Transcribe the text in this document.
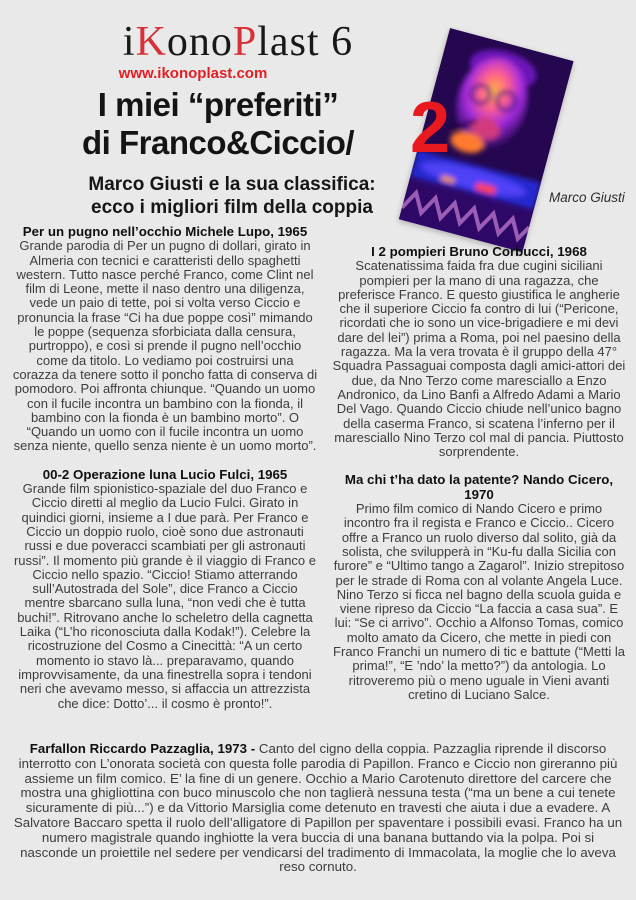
Marco Giusti
iKonoPlast 6
www.ikonoplast.com
I miei “preferiti”
di Franco&Ciccio/ 2
Marco Giusti e la sua classifica:
ecco i migliori film della coppia
Per un pugno nell’occhio Michele Lupo, 1965

Grande parodia di Per un pugno di dollari, girato in Almeria con tecnici e caratteristi dello spaghetti western. Tutto nasce perché Franco, come Clint nel film di Leone, mette il naso dentro una diligenza, vede un paio di tette, poi si volta verso Ciccio e pronuncia la frase “Ci ha due poppe così” mimando le poppe (sequenza sforbiciata dalla censura, purtroppo), e così si prende il pugno nell’occhio come da titolo. Lo vediamo poi costruirsi una corazza da tenere sotto il poncho fatta di conserva di pomodoro. Poi affronta chiunque. “Quando un uomo con il fucile incontra un bambino con la fionda, il bambino con la fionda è un bambino morto”. O “Quando un uomo con il fucile incontra un uomo senza niente, quello senza niente è un uomo morto”.

00-2 Operazione luna Lucio Fulci, 1965

Grande film spionistico-spaziale del duo Franco e Ciccio diretti al meglio da Lucio Fulci. Girato in quindici giorni, insieme a I due parà. Per Franco e Ciccio un doppio ruolo, cioè sono due astronauti russi e due poveracci scambiati per gli astronauti russi”. Il momento più grande è il viaggio di Franco e Ciccio nello spazio. “Ciccio! Stiamo atterrando sull’Autostrada del Sole”, dice Franco a Ciccio mentre sbarcano sulla luna, “non vedi che è tutta buchi!”. Ritrovano anche lo scheletro della cagnetta Laika (“L’ho riconosciuta dalla Kodak!”). Celebre la ricostruzione del Cosmo a Cinecittà: “A un certo momento io stavo là... preparavamo, quando improvvisamente, da una finestrella sopra i tendoni neri che avevamo messo, si affaccia un attrezzista che dice: Dotto’... il cosmo è pronto!”.

I 2 pompieri Bruno Corbucci, 1968

Scatenatissima faida fra due cugini siciliani pompieri per la mano di una ragazza, che preferisce Franco. E questo giustifica le angherie che il superiore Ciccio fa contro di lui (“Pericone, ricordati che io sono un vice-brigadiere e mi devi dare del lei”) prima a Roma, poi nel paesino della ragazza. Ma la vera trovata è il gruppo della 47° Squadra Passaguai composta dagli amici-attori dei due, da Nno Terzo come maresciallo a Enzo Andronico, da Lino Banfi a Alfredo Adami a Mario Del Vago. Quando Ciccio chiude nell’unico bagno della caserma Franco, si scatena l’inferno per il maresciallo Nino Terzo col mal di pancia. Piuttosto sorprendente.

Ma chi t’ha dato la patente? Nando Cicero, 1970

Primo film comico di Nando Cicero e primo incontro fra il regista e Franco e Ciccio.. Cicero offre a Franco un ruolo diverso dal solito, già da solista, che svilupperà in “Ku-fu dalla Sicilia con furore” e “Ultimo tango a Zagarol”. Inizio strepitoso per le strade di Roma con al volante Angela Luce. Nino Terzo si ficca nel bagno della scuola guida e viene ripreso da Ciccio “La faccia a casa sua”. E lui: “Se ci arrivo”. Occhio a Alfonso Tomas, comico molto amato da Cicero, che mette in piedi con Franco Franchi un numero di tic e battute (“Metti la prima!”, “E ’ndo’ la metto?”) da antologia. Lo ritroveremo più o meno uguale in Vieni avanti cretino di Luciano Salce.

Farfallon Riccardo Pazzaglia, 1973 - Canto del cigno della coppia. Pazzaglia riprende il discorso interrotto con L’onorata società con questa folle parodia di Papillon. Franco e Ciccio non gireranno più assieme un film comico. E’ la fine di un genere. Occhio a Mario Carotenuto direttore del carcere che mostra una ghigliottina con buco minuscolo che non taglierà nessuna testa (“ma un bene a cui tenete sicuramente di più...”) e da Vittorio Marsiglia come detenuto en travesti che aiuta i due a evadere. A Salvatore Baccaro spetta il ruolo dell’alligatore di Papillon per spaventare i possibili evasi. Franco ha un numero magistrale quando inghiotte la vera buccia di una banana buttando via la polpa. Poi si nasconde un proiettile nel sedere per vendicarsi del tradimento di Immacolata, la moglie che lo aveva reso cornuto.
